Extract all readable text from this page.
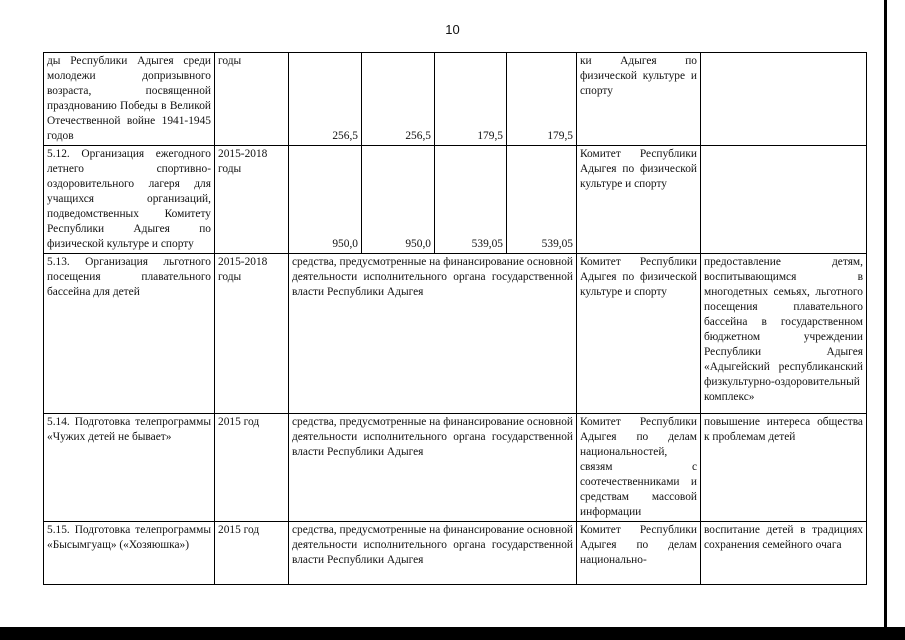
10
ды Республики Адыгея среди молодежи допризывного возраста, посвященной празднованию Победы в Великой Отечественной войне 1941-1945 годов	годы	256,5	256,5	179,5	179,5	ки Адыгея по физической культуре и спорту	
5.12. Организация ежегодного летнего спортивно-оздоровительного лагеря для учащихся организаций, подведомственных Комитету Республики Адыгея по физической культуре и спорту	2015-2018 годы	950,0	950,0	539,05	539,05	Комитет Республики Адыгея по физической культуре и спорту	
5.13. Организация льготного посещения плавательного бассейна для детей	2015-2018 годы	средства, предусмотренные на финансирование основной деятельности исполнительного органа государственной власти Республики Адыгея				Комитет Республики Адыгея по физической культуре и спорту	предоставление детям, воспитывающимся в многодетных семьях, льготного посещения плавательного бассейна в государственном бюджетном учреждении Республики Адыгея «Адыгейский республиканский физкультурно-оздоровительный комплекс»
5.14. Подготовка телепрограммы «Чужих детей не бывает»	2015 год	средства, предусмотренные на финансирование основной деятельности исполнительного органа государственной власти Республики Адыгея				Комитет Республики Адыгея по делам национальностей, связям с соотечественниками и средствам массовой информации	повышение интереса общества к проблемам детей
5.15. Подготовка телепрограммы «Бысымгуащ» («Хозяюшка»)	2015 год	средства, предусмотренные на финансирование основной деятельности исполнительного органа государственной власти Республики Адыгея				Комитет Республики Адыгея по делам национально-	воспитание детей в традициях сохранения семейного очага
